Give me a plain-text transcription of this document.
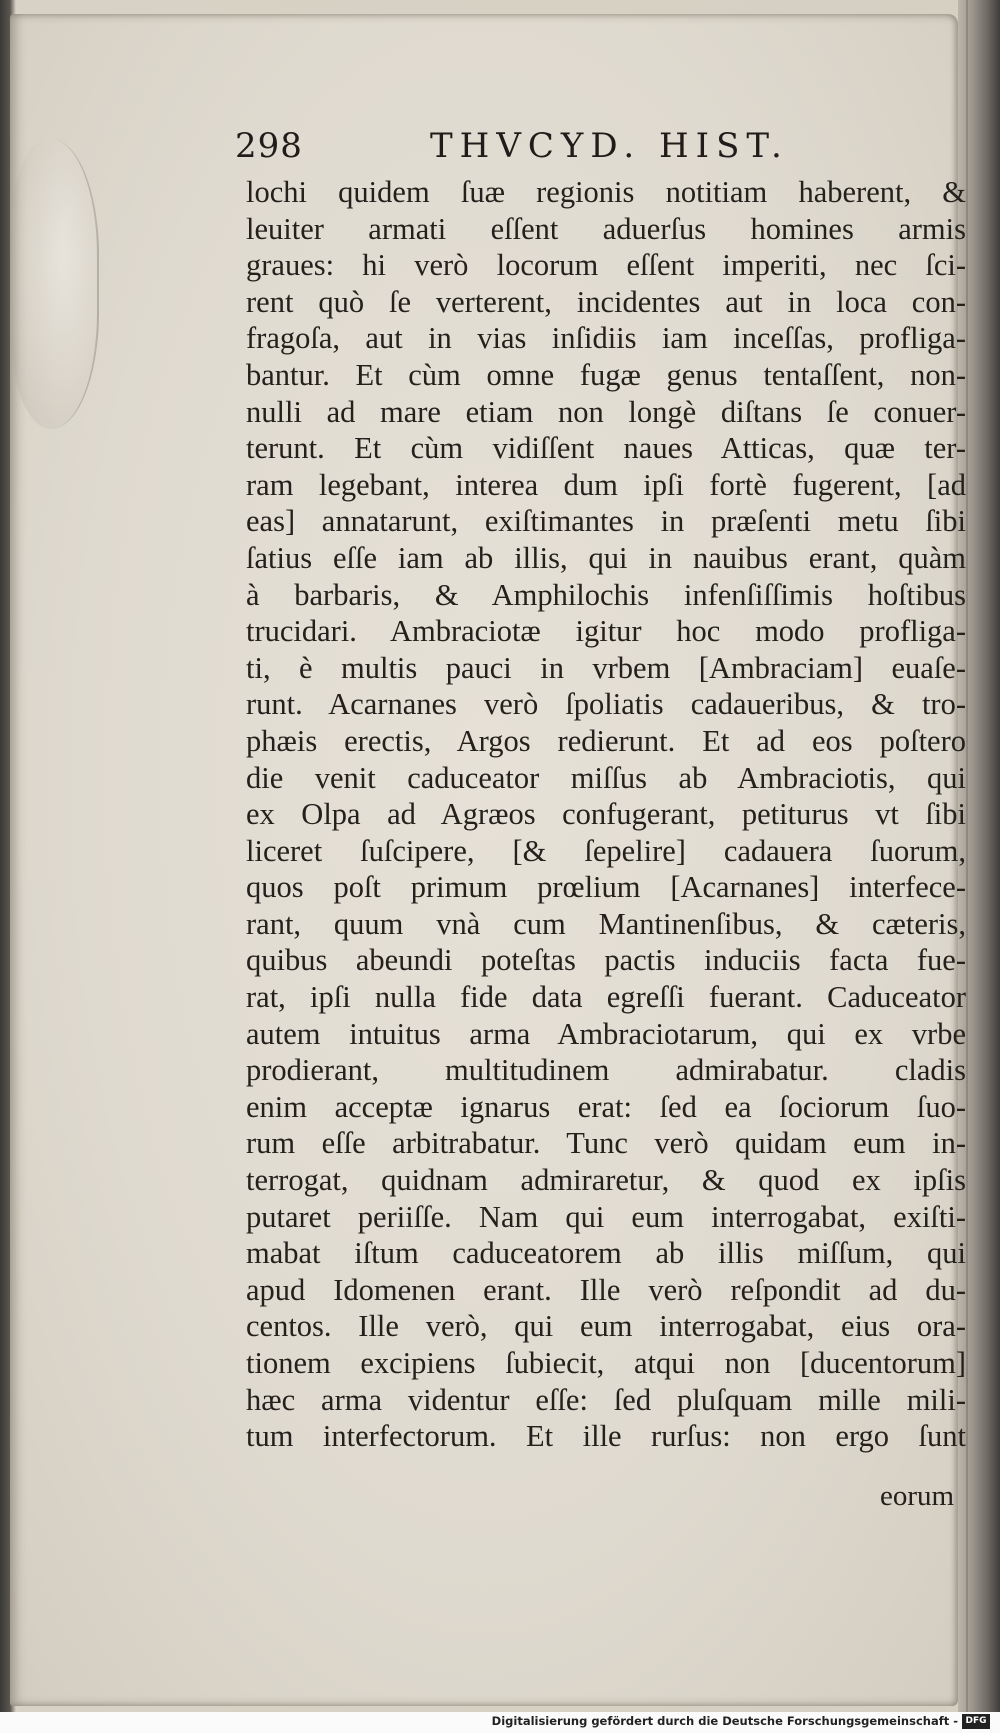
298	THVCYD. HIST.
lochi quidem ſuæ regionis notitiam haberent, &
leuiter armati eſſent aduerſus homines armis
graues: hi verò locorum eſſent imperiti, nec ſci-
rent quò ſe verterent, incidentes aut in loca con-
fragoſa, aut in vias inſidiis iam inceſſas, profliga-
bantur. Et cùm omne fugæ genus tentaſſent, non-
nulli ad mare etiam non longè diſtans ſe conuer-
terunt. Et cùm vidiſſent naues Atticas, quæ ter-
ram legebant, interea dum ipſi fortè fugerent, [ad
eas] annatarunt, exiſtimantes in præſenti metu ſibi
ſatius eſſe iam ab illis, qui in nauibus erant, quàm
à barbaris, & Amphilochis infenſiſſimis hoſtibus
trucidari. Ambraciotæ igitur hoc modo profliga-
ti, è multis pauci in vrbem [Ambraciam] euaſe-
runt. Acarnanes verò ſpoliatis cadaueribus, & tro-
phæis erectis, Argos redierunt. Et ad eos poſtero
die venit caduceator miſſus ab Ambraciotis, qui
ex Olpa ad Agræos confugerant, petiturus vt ſibi
liceret ſuſcipere, [& ſepelire] cadauera ſuorum,
quos poſt primum prœlium [Acarnanes] interfece-
rant, quum vnà cum Mantinenſibus, & cæteris,
quibus abeundi poteſtas pactis induciis facta fue-
rat, ipſi nulla fide data egreſſi fuerant. Caduceator
autem intuitus arma Ambraciotarum, qui ex vrbe
prodierant, multitudinem admirabatur. cladis
enim acceptæ ignarus erat: ſed ea ſociorum ſuo-
rum eſſe arbitrabatur. Tunc verò quidam eum in-
terrogat, quidnam admiraretur, & quod ex ipſis
putaret periiſſe. Nam qui eum interrogabat, exiſti-
mabat iſtum caduceatorem ab illis miſſum, qui
apud Idomenen erant. Ille verò reſpondit ad du-
centos. Ille verò, qui eum interrogabat, eius ora-
tionem excipiens ſubiecit, atqui non [ducentorum]
hæc arma videntur eſſe: ſed pluſquam mille mili-
tum interfectorum. Et ille rurſus: non ergo ſunt
eorum
Digitalisierung gefördert durch die Deutsche Forschungsgemeinschaft - DFG
